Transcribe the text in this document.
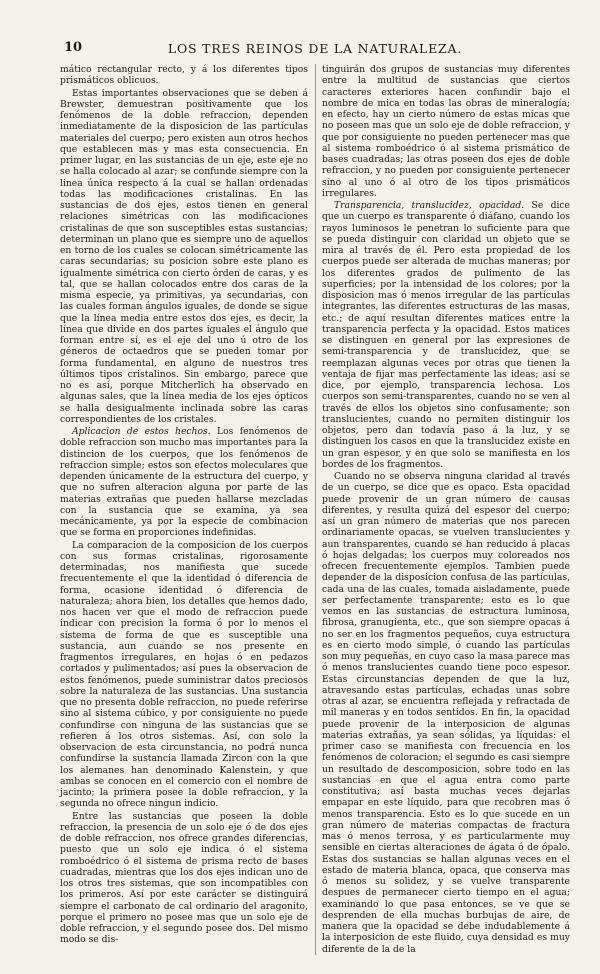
10	LOS TRES REINOS DE LA NATURALEZA.

mático rectangular recto, y á los diferentes tipos prismáticos oblicuos.

Estas importantes observaciones que se deben á Brewster, demuestran positivamente que los fenómenos de la doble refraccion, dependen inmediatamente de la disposicion de las partículas materiales del cuerpo; pero existen aun otros hechos que establecen mas y mas esta consecuencia. En primer lugar, en las sustancias de un eje, este eje no se halla colocado al azar; se confunde siempre con la linea única respecto á la cual se hallan ordenadas todas las modificaciones cristalinas. En las sustancias de dos ejes, estos tienen en general relaciones simétricas con las modificaciones cristalinas de que son susceptibles estas sustancias; determinan un plano que es siempre uno de aquellos en torno de los cuales se colocan simétricamente las caras secundarias; su posicion sobre este plano es igualmente simétrica con cierto órden de caras, y es tal, que se hallan colocados entre dos caras de la misma especie, ya primitivas, ya secundarias, con las cuales forman ángulos iguales, de donde se sigue que la línea media entre estos dos ejes, es decir, la línea que divide en dos partes iguales el ángulo que forman entre sí, es el eje del uno ú otro de los géneros de octaedros que se pueden tomar por forma fundamental, en alguno de nuestros tres últimos tipos cristalinos. Sin embargo, parece que no es así, porque Mitcherlich ha observado en algunas sales, que la línea media de los ejes ópticos se halla desigualmente inclinada sobre las caras correspondientes de los cristales.

Aplicacion de estos hechos. Los fenómenos de doble refraccion son mucho mas importantes para la distincion de los cuerpos, que los fenómenos de refraccion simple; estos son efectos moleculares que dependen únicamente de la estructura del cuerpo, y que no sufren alteracion alguna por parte de las materias extrañas que pueden hallarse mezcladas con la sustancia que se examina, ya sea mecánicamente, ya por la especie de combinacion que se forma en proporciones indefinidas.

La comparacion de la composicion de los cuerpos con sus formas cristalinas, rigorosamente determinadas, nos manifiesta que sucede frecuentemente el que la identidad ó diferencia de forma, ocasione identidad ó diferencia de naturaleza; ahora bien, los detalles que hemos dado, nos hacen ver que el modo de refraccion puede indicar con precision la forma ó por lo menos el sistema de forma de que es susceptible una sustancia, aun cuando se nos presente en fragmentos irregulares, en hojas ó en pedazos cortados y pulimentados; así pues la observacion de estos fenómenos, puede suministrar datos preciosos sobre la naturaleza de las sustancias. Una sustancia que no presenta doble refraccion, no puede referirse sino al sistema cúbico, y por consiguiente no puede confundirse con ninguna de las sustancias que se refieren á los otros sistemas. Así, con solo la observacion de esta circunstancia, no podrá nunca confundirse la sustancia llamada Zircon con la que los alemanes han denominado Kalenstein, y que ambas se conocen en el comercio con el nombre de jacinto; la primera posee la doble refraccion, y la segunda no ofrece ningun indicio.

Entre las sustancias que poseen la doble refraccion, la presencia de un solo eje ó de dos ejes de doble refraccion, nos ofrece grandes diferencias, puesto que un solo eje indica ó el sistema romboédrico ó el sistema de prisma recto de bases cuadradas, mientras que los dos ejes indican uno de los otros tres sistemas, que son incompatibles con los primeros. Así por este carácter se distinguirá siempre el carbonato de cal ordinario del aragonito, porque el primero no posee mas que un solo eje de doble refraccion, y el segundo posee dos. Del mismo modo se dis-

tinguirán dos grupos de sustancias muy diferentes entre la multitud de sustancias que ciertos caracteres exteriores hacen confundir bajo el nombre de mica en todas las obras de mineralogía; en efecto, hay un cierto número de estas micas que no poseen mas que un solo eje de doble refraccion, y que por consiguiente no pueden pertenecer mas que al sistema romboédrico ó al sistema prismático de bases cuadradas; las otras poseen dos ejes de doble refraccion, y no pueden por consiguiente pertenecer sino al uno ó al otro de los tipos prismáticos irregulares.

Transparencia, translucidez, opacidad. Se dice que un cuerpo es transparente ó diáfano, cuando los rayos luminosos le penetran lo suficiente para que se pueda distinguir con claridad un objeto que se mira al través de él. Pero esta propiedad de los cuerpos puede ser alterada de muchas maneras; por los diferentes grados de pulimento de las superficies; por la intensidad de los colores; por la disposicion mas ó menos irregular de las partículas integrantes, las diferentes estructuras de las masas, etc.; de aquí resultan diferentes matices entre la transparencia perfecta y la opacidad. Estos matices se distinguen en general por las expresiones de semi-transparencia y de translucidez, que se reemplazan algunas veces por otras que tienen la ventaja de fijar mas perfectamente las ideas; así se dice, por ejemplo, transparencia lechosa. Los cuerpos son semi-transparentes, cuando no se ven al través de ellos los objetos sino confusamente; son translucientes, cuando no permiten distinguir los objetos, pero dan todavía paso á la luz, y se distinguen los casos en que la translucidez existe en un gran espesor, y en que solo se manifiesta en los bordes de los fragmentos.

Cuando no se observa ninguna claridad al través de un cuerpo, se dice que es opaco. Esta opacidad puede provenir de un gran número de causas diferentes, y resulta quizá del espesor del cuerpo; así un gran número de materias que nos parecen ordinariamente opacas, se vuelven translucientes y aun transparentes, cuando se han reducido á placas ó hojas delgadas; los cuerpos muy coloreados nos ofrecen frecuentemente ejemplos. Tambien puede depender de la disposicion confusa de las partículas, cada una de las cuales, tomada aisladamente, puede ser perfectamente transparente; esto es lo que vemos en las sustancias de estructura luminosa, fibrosa, granugienta, etc., que son siempre opacas á no ser en los fragmentos pequeños, cuya estructura es en cierto modo simple, ó cuando las partículas son muy pequeñas, en cuyo caso la masa parece mas ó menos translucientes cuando tiene poco espesor. Estas circunstancias dependen de que la luz, atravesando estas partículas, echadas unas sobre otras al azar, se encuentra reflejada y refractada de mil maneras y en todos sentidos. En fin, la opacidad puede provenir de la interposicion de algunas materias extrañas, ya sean sólidas, ya líquidas: el primer caso se manifiesta con frecuencia en los fenómenos de coloracion; el segundo es casi siempre un resultado de descomposicion, sobre todo en las sustancias en que el agua entra como parte constitutiva; así basta muchas veces dejarlas empapar en este líquido, para que recobren mas ó menos transparencia. Esto es lo que sucede en un gran número de materias compactas de fractura mas ó menos terrosa, y es particularmente muy sensible en ciertas alteraciones de ágata ó de ópalo. Estas dos sustancias se hallan algunas veces en el estado de materia blanca, opaca, que conserva mas ó menos su solidez, y se vuelve transparente despues de permanecer cierto tiempo en el agua; examinando lo que pasa entonces, se ve que se desprenden de ella muchas burbujas de aire, de manera que la opacidad se debe indudablemente á la interposicion de este fluido, cuya densidad es muy diferente de la de la
